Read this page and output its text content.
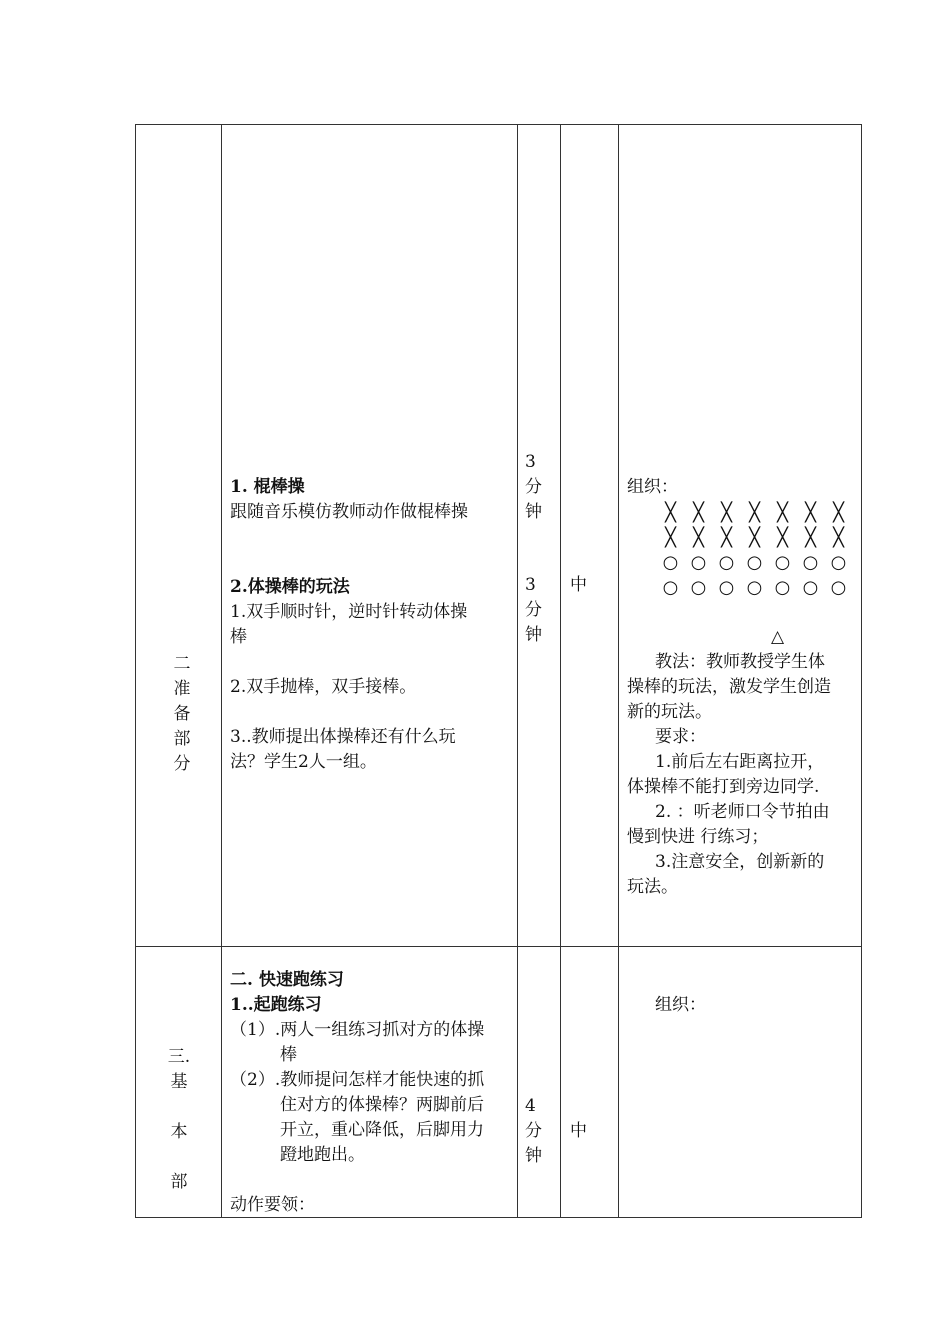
二
准
备
部
分
1. 棍棒操
跟随音乐模仿教师动作做棍棒操

2.体操棒的玩法
1.双手顺时针，逆时针转动体操
棒

2.双手抛棒，双手接棒。

3..教师提出体操棒还有什么玩
法？学生2人一组。
3
分
钟
3
分
钟
中
组织：
╳ ╳ ╳ ╳ ╳ ╳ ╳
╳ ╳ ╳ ╳ ╳ ╳ ╳
○ ○ ○ ○ ○ ○ ○
○ ○ ○ ○ ○ ○ ○

△
教法：教师教授学生体
操棒的玩法，激发学生创造
新的玩法。
要求：
1.前后左右距离拉开，
体操棒不能打到旁边同学.
2. ：听老师口令节拍由
慢到快进 行练习；
3.注意安全，创新新的
玩法。
三.
基
本
部
二. 快速跑练习
1..起跑练习
（1）.两人一组练习抓对方的体操
棒
（2）.教师提问怎样才能快速的抓
住对方的体操棒？两脚前后
开立，重心降低，后脚用力
蹬地跑出。

动作要领：
4
分
钟
中
组织：
